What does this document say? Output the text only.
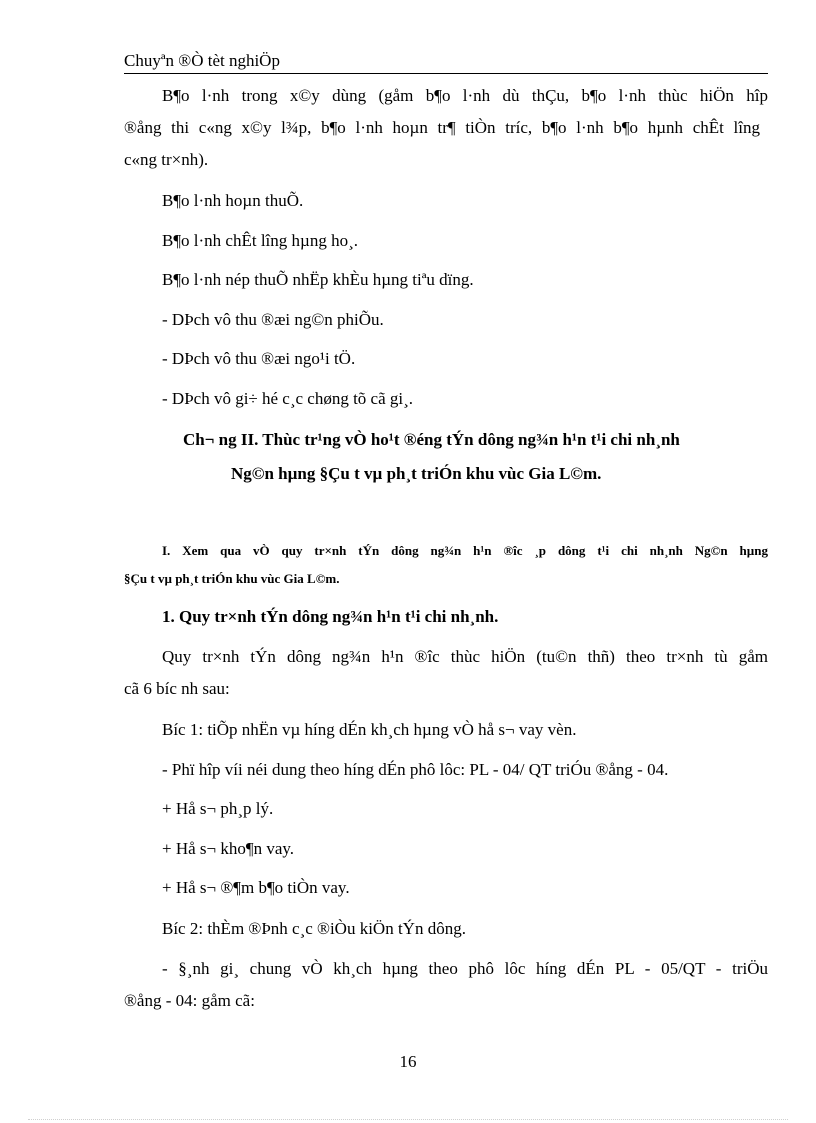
Chuyªn ®Ò tèt nghiÖp
B¶o l·nh trong x©y dùng (gåm b¶o l·nh dù thÇu, b¶o l·nh thùc hiÖn hîp
®ång thi c«ng x©y l¾p, b¶o l·nh hoµn tr¶ tiÒn tríc, b¶o l·nh b¶o hµnh chÊt lîng
c«ng tr×nh).
B¶o l·nh hoµn thuÕ.
B¶o l·nh chÊt lîng hµng ho¸.
B¶o l·nh nép thuÕ nhËp khÈu hµng tiªu dïng.
- DÞch vô thu ®æi ng©n phiÕu.
- DÞch vô thu ®æi ngo¹i tÖ.
- DÞch vô gi÷ hé c¸c chøng tõ cã gi¸.
Ch¬ ng II. Thùc tr¹ng vÒ ho¹t ®éng tÝn dông ng¾n h¹n t¹i chi nh¸nh
Ng©n hµng §Çu t vµ ph¸t triÓn khu vùc Gia L©m.
I. Xem qua vÒ quy tr×nh tÝn dông ng¾n h¹n ®îc ¸p dông t¹i chi nh¸nh Ng©n hµng
§Çu t vµ ph¸t triÓn khu vùc Gia L©m.
1. Quy tr×nh tÝn dông ng¾n h¹n t¹i chi nh¸nh.
Quy tr×nh tÝn dông ng¾n h¹n ®îc thùc hiÖn (tu©n thñ) theo tr×nh tù gåm
cã 6 bíc nh sau:
Bíc 1: tiÕp nhËn vµ híng dÉn kh¸ch hµng vÒ hå s¬ vay vèn.
- Phï hîp víi néi dung theo híng dÉn phô lôc: PL - 04/ QT triÓu ®ång - 04.
+ Hå s¬ ph¸p lý.
+ Hå s¬ kho¶n vay.
+ Hå s¬ ®¶m b¶o tiÒn vay.
Bíc 2: thÈm ®Þnh c¸c ®iÒu kiÖn tÝn dông.
- §¸nh gi¸ chung vÒ kh¸ch hµng theo phô lôc híng dÉn PL - 05/QT - triÖu
®ång - 04: gåm cã:
16
